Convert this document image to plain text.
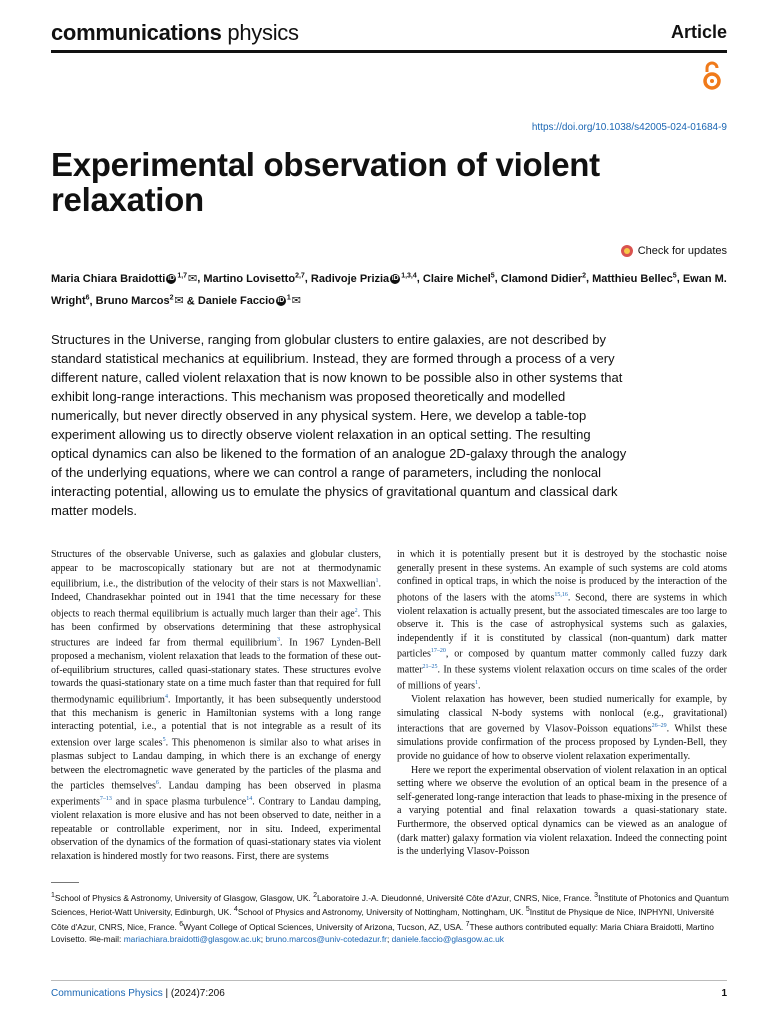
communications physics	Article
https://doi.org/10.1038/s42005-024-01684-9
Experimental observation of violent relaxation
Check for updates
Maria Chiara Braidotti iD $^{1,7}$✉, Martino Lovisetto$^{2,7}$, Radivoje Prizia iD $^{1,3,4}$, Claire Michel$^5$, Clamond Didier$^2$, Matthieu Bellec$^5$, Ewan M. Wright$^6$, Bruno Marcos$^2$✉ & Daniele Faccio iD $^1$✉
Structures in the Universe, ranging from globular clusters to entire galaxies, are not described by standard statistical mechanics at equilibrium. Instead, they are formed through a process of a very different nature, called violent relaxation that is now known to be possible also in other systems that exhibit long-range interactions. This mechanism was proposed theoretically and modelled numerically, but never directly observed in any physical system. Here, we develop a table-top experiment allowing us to directly observe violent relaxation in an optical setting. The resulting optical dynamics can also be likened to the formation of an analogue 2D-galaxy through the analogy of the underlying equations, where we can control a range of parameters, including the nonlocal interacting potential, allowing us to emulate the physics of gravitational quantum and classical dark matter models.

Structures of the observable Universe, such as galaxies and globular clusters, appear to be macroscopically stationary but are not at thermodynamic equilibrium, i.e., the distribution of the velocity of their stars is not Maxwellian$^1$. Indeed, Chandrasekhar pointed out in 1941 that the time necessary for these objects to reach thermal equilibrium is actually much larger than their age$^2$. This has been confirmed by observations determining that these astrophysical structures are indeed far from thermal equilibrium$^3$. In 1967 Lynden-Bell proposed a mechanism, violent relaxation that leads to the formation of these out-of-equilibrium structures, called quasi-stationary states. These structures evolve towards the quasi-stationary state on a time much faster than that required for full thermodynamic equilibrium$^4$. Importantly, it has been subsequently understood that this mechanism is generic in Hamiltonian systems with a long range interacting potential, i.e., a potential that is not integrable as a result of its extension over large scales$^5$. This phenomenon is similar also to what arises in plasmas subject to Landau damping, in which there is an exchange of energy between the electromagnetic wave generated by the particles of the plasma and the particles themselves$^6$. Landau damping has been observed in plasma experiments$^{7-13}$ and in space plasma turbulence$^{14}$. Contrary to Landau damping, violent relaxation is more elusive and has not been observed to date, neither in a repeatable or controllable experiment, nor in situ. Indeed, experimental observation of the dynamics of the formation of quasi-stationary states via violent relaxation is hindered mostly for two reasons. First, there are systems

in which it is potentially present but it is destroyed by the stochastic noise generally present in these systems. An example of such systems are cold atoms confined in optical traps, in which the noise is produced by the interaction of the photons of the lasers with the atoms$^{15,16}$. Second, there are systems in which violent relaxation is actually present, but the associated timescales are too large to observe it. This is the case of astrophysical systems such as galaxies, independently if it is constituted by classical (non-quantum) dark matter particles$^{17-20}$, or composed by quantum matter commonly called fuzzy dark matter$^{21-25}$. In these systems violent relaxation occurs on time scales of the order of millions of years$^1$.

Violent relaxation has however, been studied numerically for example, by simulating classical N-body systems with nonlocal (e.g., gravitational) interactions that are governed by Vlasov-Poisson equations$^{26-29}$. Whilst these simulations provide confirmation of the process proposed by Lynden-Bell, they provide no guidance of how to observe violent relaxation experimentally.

Here we report the experimental observation of violent relaxation in an optical setting where we observe the evolution of an optical beam in the presence of a self-generated long-range interaction that leads to phase-mixing in the presence of a varying potential and final relaxation towards a quasi-stationary state. Furthermore, the observed optical dynamics can be viewed as an analogue of (dark matter) galaxy formation via violent relaxation. Indeed the connecting point is the underlying Vlasov-Poisson

$^1$School of Physics & Astronomy, University of Glasgow, Glasgow, UK. $^2$Laboratoire J.-A. Dieudonné, Université Côte d'Azur, CNRS, Nice, France. $^3$Institute of Photonics and Quantum Sciences, Heriot-Watt University, Edinburgh, UK. $^4$School of Physics and Astronomy, University of Nottingham, Nottingham, UK. $^5$Institut de Physique de Nice, INPHYNI, Université Côte d'Azur, CNRS, Nice, France. $^6$Wyant College of Optical Sciences, University of Arizona, Tucson, AZ, USA. $^7$These authors contributed equally: Maria Chiara Braidotti, Martino Lovisetto. ✉e-mail: mariachiara.braidotti@glasgow.ac.uk; bruno.marcos@univ-cotedazur.fr; daniele.faccio@glasgow.ac.uk
Communications Physics | (2024)7:206	1
